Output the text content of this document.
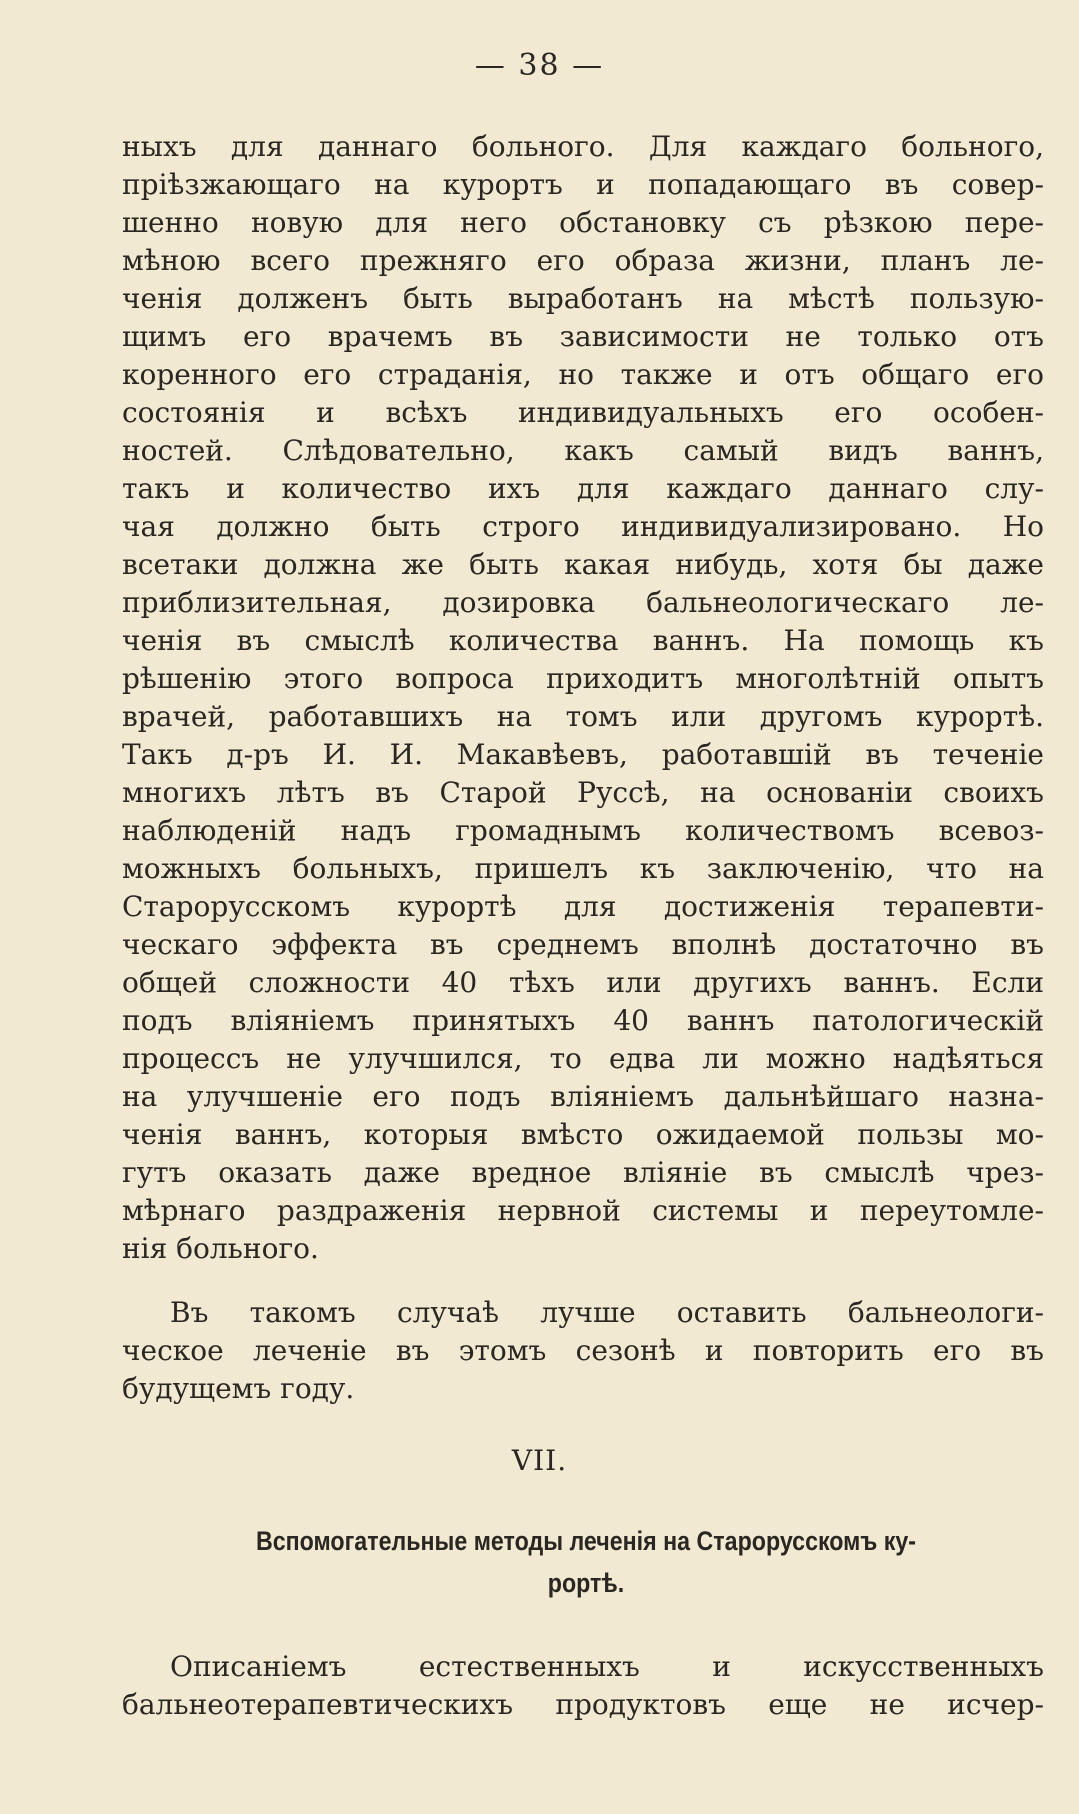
— 38 —
ныхъ для даннаго больного. Для каждаго больного,
пріѣзжающаго на курортъ и попадающаго въ совер-
шенно новую для него обстановку съ рѣзкою пере-
мѣною всего прежняго его образа жизни, планъ ле-
ченія долженъ быть выработанъ на мѣстѣ пользую-
щимъ его врачемъ въ зависимости не только отъ
коренного его страданія, но также и отъ общаго его
состоянія и всѣхъ индивидуальныхъ его особен-
ностей. Слѣдовательно, какъ самый видъ ваннъ,
такъ и количество ихъ для каждаго даннаго слу-
чая должно быть строго индивидуализировано. Но
всетаки должна же быть какая нибудь, хотя бы даже
приблизительная, дозировка бальнеологическаго ле-
ченія въ смыслѣ количества ваннъ. На помощь къ
рѣшенію этого вопроса приходитъ многолѣтній опытъ
врачей, работавшихъ на томъ или другомъ курортѣ.
Такъ д-ръ И. И. Макавѣевъ, работавшій въ теченіе
многихъ лѣтъ въ Старой Руссѣ, на основаніи своихъ
наблюденій надъ громаднымъ количествомъ всевоз-
можныхъ больныхъ, пришелъ къ заключенію, что на
Старорусскомъ курортѣ для достиженія терапевти-
ческаго эффекта въ среднемъ вполнѣ достаточно въ
общей сложности 40 тѣхъ или другихъ ваннъ. Если
подъ вліяніемъ принятыхъ 40 ваннъ патологическій
процессъ не улучшился, то едва ли можно надѣяться
на улучшеніе его подъ вліяніемъ дальнѣйшаго назна-
ченія ваннъ, которыя вмѣсто ожидаемой пользы мо-
гутъ оказать даже вредное вліяніе въ смыслѣ чрез-
мѣрнаго раздраженія нервной системы и переутомле-
нія больного.
Въ такомъ случаѣ лучше оставить бальнеологи-
ческое леченіе въ этомъ сезонѣ и повторить его въ
будущемъ году.
VII.
Вспомогательные методы леченія на Старорусскомъ ку-
рортѣ.
Описаніемъ естественныхъ и искусственныхъ
бальнеотерапевтическихъ продуктовъ еще не исчер-
